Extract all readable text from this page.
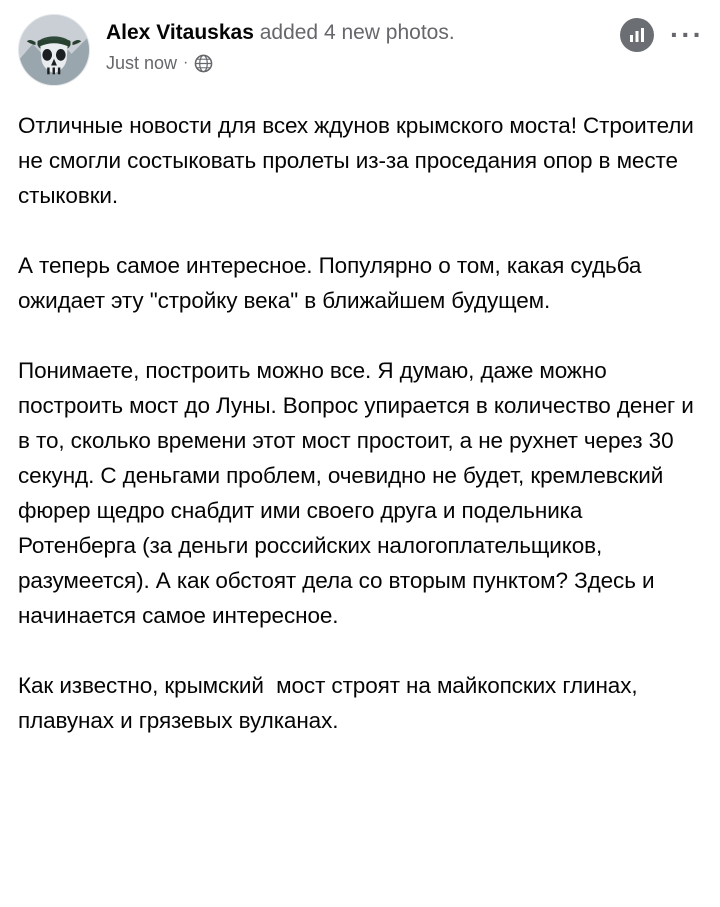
Alex Vitauskas added 4 new photos.
Just now ·
···

Отличные новости для всех ждунов крымского моста! Строители не смогли состыковать пролеты из-за проседания опор в месте стыковки.

А теперь самое интересное. Популярно о том, какая судьба ожидает эту "стройку века" в ближайшем будущем.

Понимаете, построить можно все. Я думаю, даже можно построить мост до Луны. Вопрос упирается в количество денег и в то, сколько времени этот мост простоит, а не рухнет через 30 секунд. С деньгами проблем, очевидно не будет, кремлевский фюрер щедро снабдит ими своего друга и подельника Ротенберга (за деньги российских налогоплательщиков, разумеется). А как обстоят дела со вторым пунктом? Здесь и начинается самое интересное.

Как известно, крымский  мост строят на майкопских глинах, плавунах и грязевых вулканах.
